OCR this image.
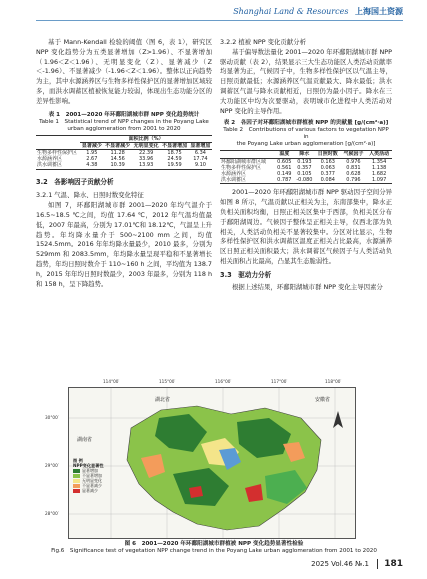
Shanghai Land & Resources 上海国土资源

基于 Mann-Kendall 检验的阈值（图 6，表 1），研究区 NPP 变化趋势分为五类显著增加（Z>1.96）、不显著增加（1.96＜Z＜1.96）、无明显变化（Z）、显著减少（Z＜-1.96）、不显著减少（-1.96＜Z＜1.96）。整体以正向趋势为主，其中水源涵养区与生物多样性保护区的显著增加区域较多，而洪水调蓄区植被恢复能力较弱，体现出生态功能分区的差异性影响。

表 1　2001—2020 年环鄱阳湖城市群 NPP 变化趋势统计

Table 1　Statistical trend of NPP changes in the Poyang Lake

urban agglomeration from 2001 to 2020

	面积比例（%）				
	显著减少	不显著减少	无明显变化	不显著增加	显著增加
生物多样性保护区	1.95	11.28	22.39	18.75	6.34
水源涵养区	2.67	14.56	33.96	24.59	17.74
洪水调蓄区	4.38	10.39	13.93	19.59	9.10

3.2　各影响因子贡献分析

3.2.1 气温、降水、日照时数变化特征

如图 7，环鄱阳湖城市群 2001—2020 年均气温介于 16.5~18.5 ℃之间，均值 17.64 ℃，2012 年气温均值最低，2007 年最高，分别为 17.01℃和 18.12℃，气温呈上升趋势。年均降水量介于 500~2100 mm 之间，均值 1524.5mm。2016 年年均降水量最少，2010 最多，分别为 529mm 和 2083.5mm，年均降水量呈现平稳和不显著增长趋势，年均日照时数介于 110~160 h 之间，平均值为 138.7 h，2015 年年均日照时数最少，2003 年最多，分别为 118 h 和 158 h，呈下降趋势。

3.2.2 植被 NPP 变化贡献分析

基于偏导数法量化 2001—2020 年环鄱阳湖城市群 NPP 驱动贡献（表 2），结果显示三大生态功能区人类活动贡献率均显著为正，气候因子中，生物多样性保护区以气温主导，日照贡献最低；水源涵养区气温贡献最大、降水最低；洪水调蓄区气温与降水贡献相近，日照仍为最小因子。降水在三大功能区中均为次要驱动，表明城市化进程中人类活动对 NPP 变化的主导作用。

表 2　各因子对环鄱阳湖城市群植被 NPP 的贡献量 [g/(cm²·a)]

Table 2　Contributions of various factors to vegetation NPP in

the Poyang Lake urban agglomeration [g/(cm²·a)]

	温度	降水	日照时数	气候因子	人类活动
环鄱阳湖城市群区域	0.605	0.193	0.163	0.976	1.354
生物多样性保护区	0.561	0.357	0.063	0.831	1.138
水源涵养区	0.149	0.105	0.377	0.628	1.682
洪水调蓄区	0.787	-0.080	0.084	0.796	1.097

2001—2020 年环鄱阳湖城市群 NPP 驱动因子空间分异如图 8 所示，气温贡献以正相关为主，东南部集中，降水正负相关面积均衡，日照正相关区集中于西部，负相关区分布于鄱阳湖周边。气候因子整体呈正相关主导，仅西北部为负相关，人类活动负相关不显著较集中。分区对比显示，生物多样性保护区和洪水调蓄区温度正相关占比最高，水源涵养区日照正相关面积最大；洪水调蓄区气候因子与人类活动负相关面积占比最高，凸显其生态脆弱性。

3.3　驱动力分析

根据上述结果，环鄱阳湖城市群 NPP 变化主导因素分

114°00′	115°00′	116°00′	117°00′	118°00′
30°00′
29°00′
28°00′
湖北省	安徽省
湖南省
图 例
NPP变化显著性
显著增加
不显著增加
无明显变化
不显著减少
显著减少
图 6　2001—2020 年环鄱阳湖城市群植被 NPP 变化趋势显著性检验
Fig.6　Significance test of vegetation NPP change trend in the Poyang Lake urban agglomeration from 2001 to 2020
2025 Vol.46 №.1 181
